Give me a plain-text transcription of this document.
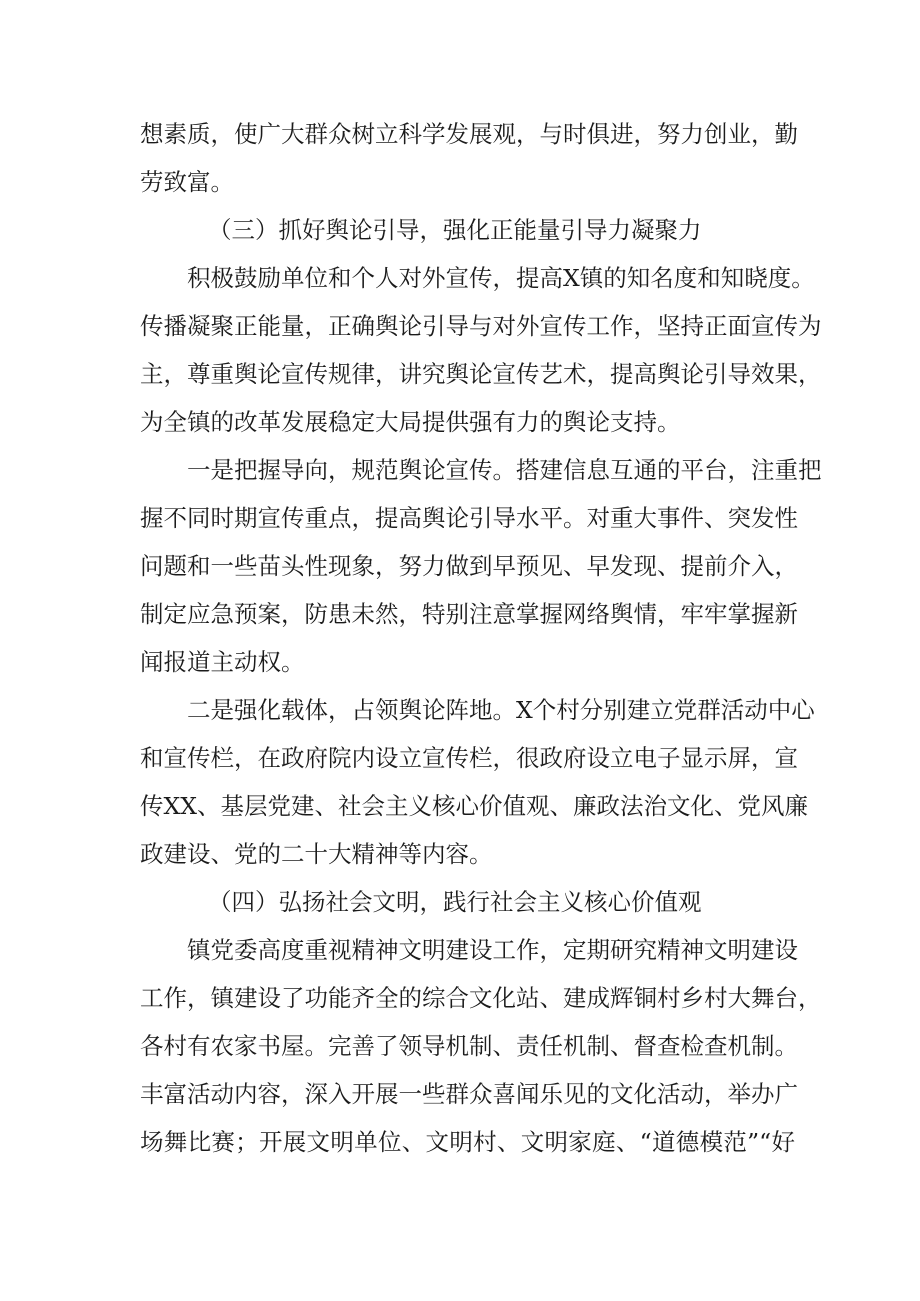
想素质，使广大群众树立科学发展观，与时俱进，努力创业，勤
劳致富。
（三）抓好舆论引导，强化正能量引导力凝聚力
积极鼓励单位和个人对外宣传，提高X镇的知名度和知晓度。
传播凝聚正能量，正确舆论引导与对外宣传工作，坚持正面宣传为
主，尊重舆论宣传规律，讲究舆论宣传艺术，提高舆论引导效果，
为全镇的改革发展稳定大局提供强有力的舆论支持。
一是把握导向，规范舆论宣传。搭建信息互通的平台，注重把
握不同时期宣传重点，提高舆论引导水平。对重大事件、突发性
问题和一些苗头性现象，努力做到早预见、早发现、提前介入，
制定应急预案，防患未然，特别注意掌握网络舆情，牢牢掌握新
闻报道主动权。
二是强化载体，占领舆论阵地。X个村分别建立党群活动中心
和宣传栏，在政府院内设立宣传栏，很政府设立电子显示屏，宣
传XX、基层党建、社会主义核心价值观、廉政法治文化、党风廉
政建设、党的二十大精神等内容。
（四）弘扬社会文明，践行社会主义核心价值观
镇党委高度重视精神文明建设工作，定期研究精神文明建设
工作，镇建设了功能齐全的综合文化站、建成辉铜村乡村大舞台，
各村有农家书屋。完善了领导机制、责任机制、督查检查机制。
丰富活动内容，深入开展一些群众喜闻乐见的文化活动，举办广
场舞比赛；开展文明单位、文明村、文明家庭、“道德模范”“好
